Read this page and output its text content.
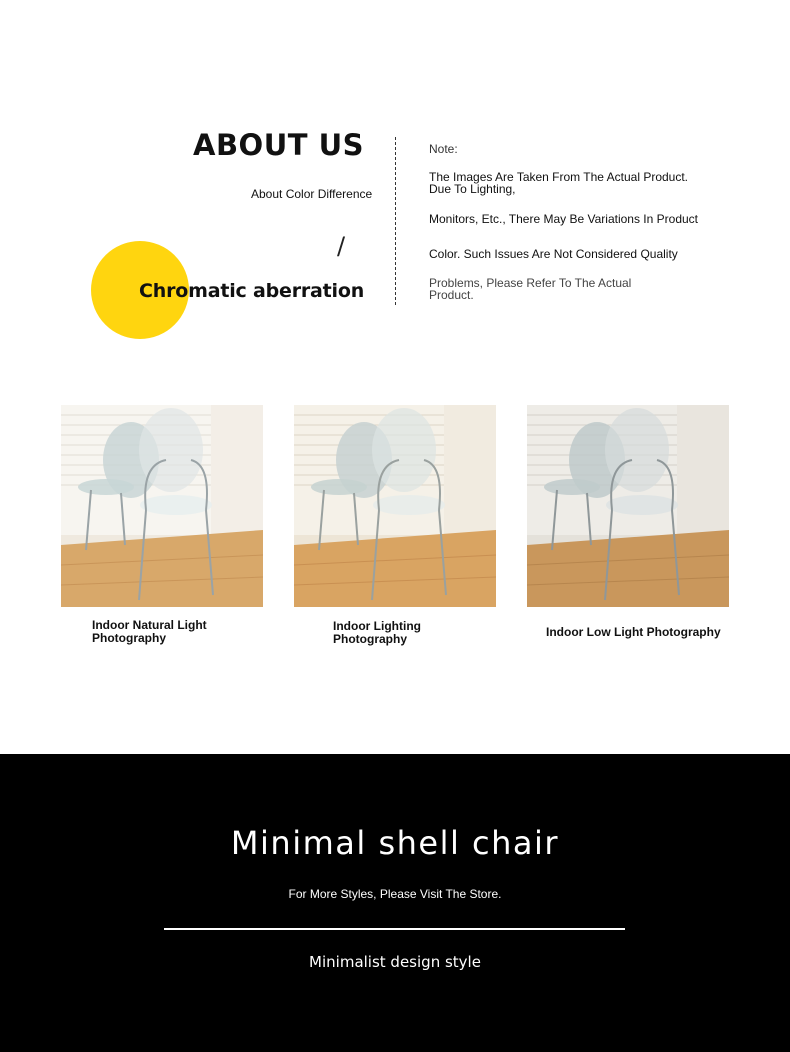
ABOUT US
About Color Difference
/
Chromatic aberration
Note:
The Images Are Taken From The Actual Product. Due To Lighting,
Monitors, Etc., There May Be Variations In Product
Color. Such Issues Are Not Considered Quality
Problems, Please Refer To The Actual Product.
Indoor Natural Light Photography
Indoor Lighting Photography	Indoor Low Light Photography
Minimal shell chair
For More Styles, Please Visit The Store.
Minimalist design style
